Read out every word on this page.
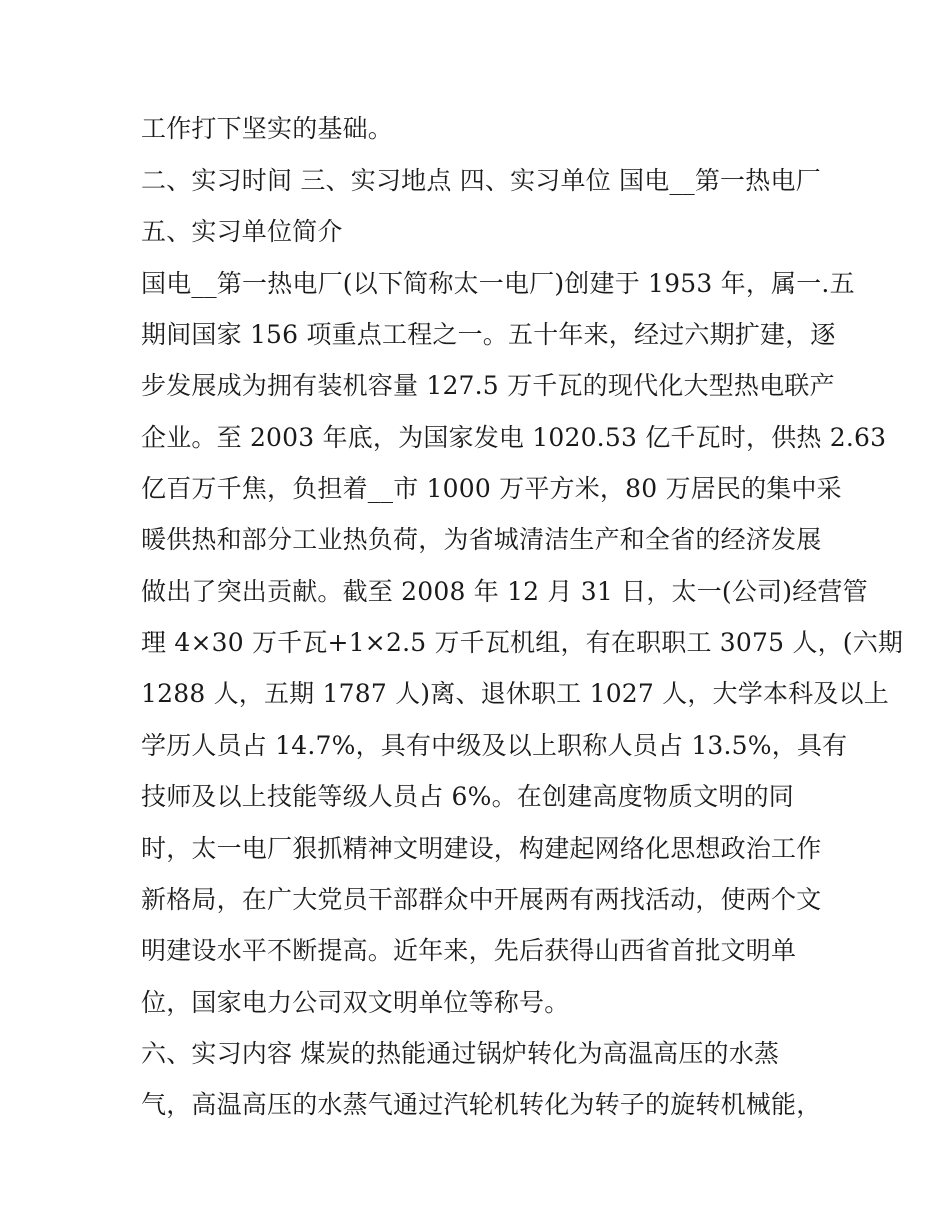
工作打下坚实的基础。
二、实习时间 三、实习地点 四、实习单位 国电__第一热电厂
五、实习单位简介
国电__第一热电厂(以下简称太一电厂)创建于 1953 年，属一.五
期间国家 156 项重点工程之一。五十年来，经过六期扩建，逐
步发展成为拥有装机容量 127.5 万千瓦的现代化大型热电联产
企业。至 2003 年底，为国家发电 1020.53 亿千瓦时，供热 2.63
亿百万千焦，负担着__市 1000 万平方米，80 万居民的集中采
暖供热和部分工业热负荷，为省城清洁生产和全省的经济发展
做出了突出贡献。截至 2008 年 12 月 31 日，太一(公司)经营管
理 4×30 万千瓦+1×2.5 万千瓦机组，有在职职工 3075 人，(六期
1288 人，五期 1787 人)离、退休职工 1027 人，大学本科及以上
学历人员占 14.7%，具有中级及以上职称人员占 13.5%，具有
技师及以上技能等级人员占 6%。在创建高度物质文明的同
时，太一电厂狠抓精神文明建设，构建起网络化思想政治工作
新格局，在广大党员干部群众中开展两有两找活动，使两个文
明建设水平不断提高。近年来，先后获得山西省首批文明单
位，国家电力公司双文明单位等称号。
六、实习内容 煤炭的热能通过锅炉转化为高温高压的水蒸
气，高温高压的水蒸气通过汽轮机转化为转子的旋转机械能，
